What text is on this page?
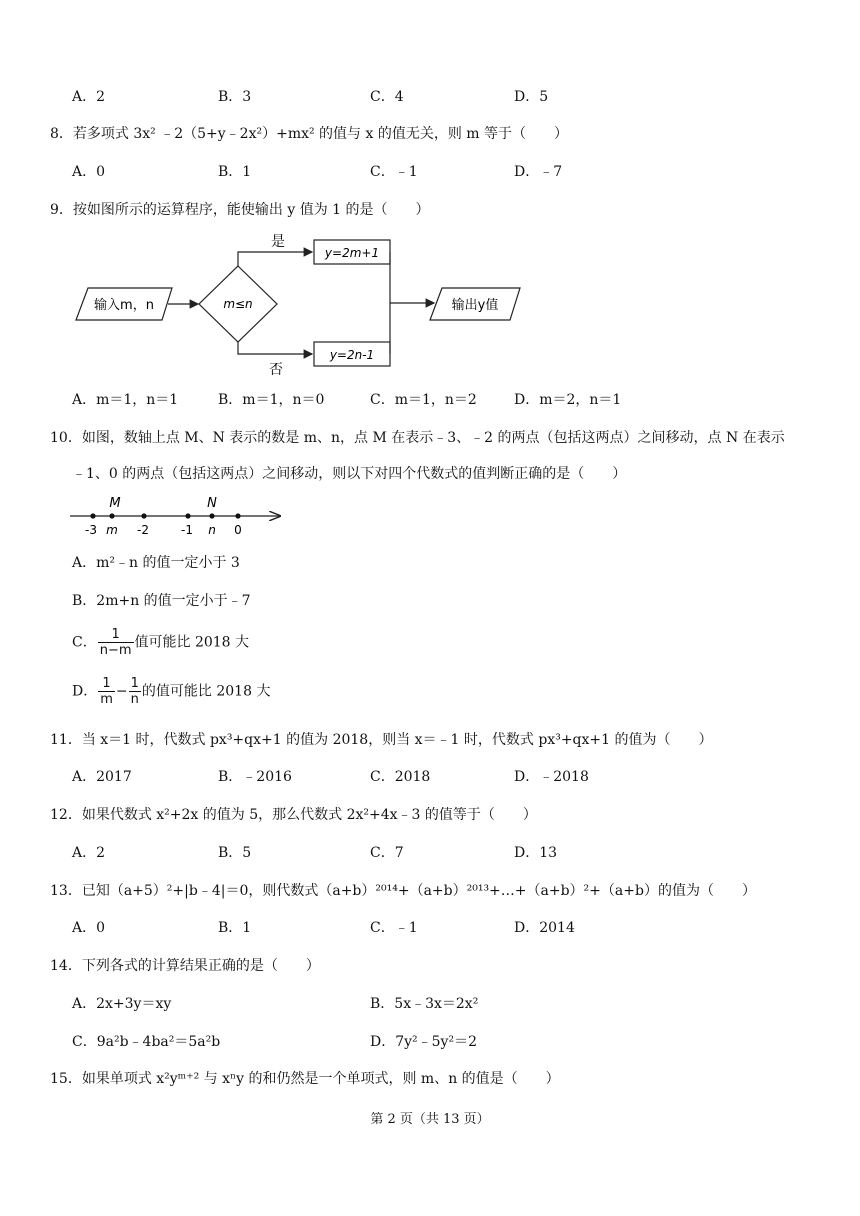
A．2	B．3	C．4	D．5
8．若多项式 3x² ﹣2（5+y﹣2x²）+mx² 的值与 x 的值无关，则 m 等于（　　）
A．0	B．1	C．﹣1	D．﹣7
9．按如图所示的运算程序，能使输出 y 值为 1 的是（　　）
输入m，n	m≤n
是
否
y=2m+1
y=2n-1
输出y值
A．m＝1，n＝1	B．m＝1，n＝0	C．m＝1，n＝2	D．m＝2，n＝1
10．如图，数轴上点 M、N 表示的数是 m、n，点 M 在表示﹣3、﹣2 的两点（包括这两点）之间移动，点 N 在表示
﹣1、0 的两点（包括这两点）之间移动，则以下对四个代数式的值判断正确的是（　　）
M	N
-3 m -2	-1 n 0
A．m²﹣n 的值一定小于 3
B．2m+n 的值一定小于﹣7
C． $\frac{1}{n-m}$ 值可能比 2018 大
D． $\frac{1}{m} - \frac{1}{n}$ 的值可能比 2018 大
11．当 x＝1 时，代数式 px³+qx+1 的值为 2018，则当 x＝﹣1 时，代数式 px³+qx+1 的值为（　　）
A．2017	B．﹣2016	C．2018	D．﹣2018
12．如果代数式 x²+2x 的值为 5，那么代数式 2x²+4x﹣3 的值等于（　　）
A．2	B．5	C．7	D．13
13．已知（a+5）²+|b﹣4|＝0，则代数式（a+b）²⁰¹⁴+（a+b）²⁰¹³+…+（a+b）²+（a+b）的值为（　　）
A．0	B．1	C．﹣1	D．2014
14．下列各式的计算结果正确的是（　　）
A．2x+3y＝xy	B．5x﹣3x＝2x²
C．9a²b﹣4ba²＝5a²b	D．7y²﹣5y²＝2
15．如果单项式 x²yᵐ⁺² 与 xⁿy 的和仍然是一个单项式，则 m、n 的值是（　　）
第 2 页（共 13 页）
